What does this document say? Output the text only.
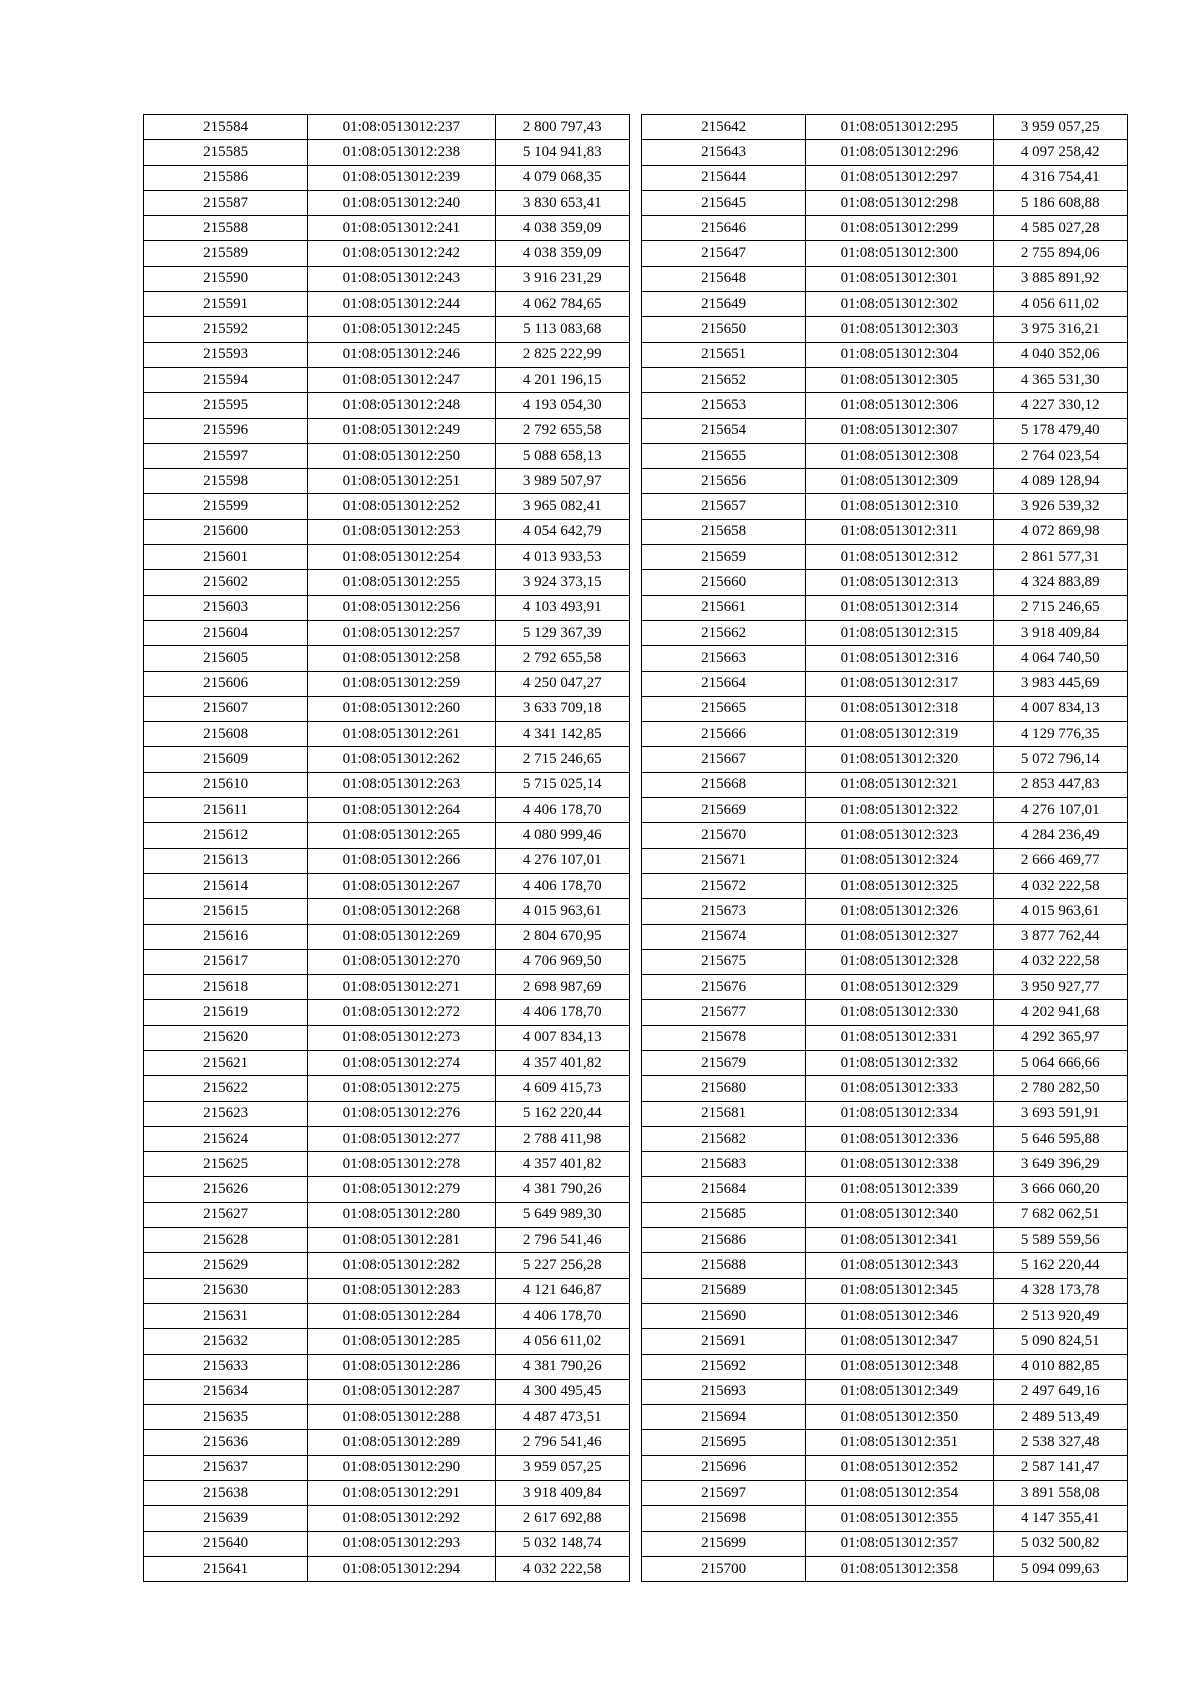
215584	01:08:0513012:237	2 800 797,43
215585	01:08:0513012:238	5 104 941,83
215586	01:08:0513012:239	4 079 068,35
215587	01:08:0513012:240	3 830 653,41
215588	01:08:0513012:241	4 038 359,09
215589	01:08:0513012:242	4 038 359,09
215590	01:08:0513012:243	3 916 231,29
215591	01:08:0513012:244	4 062 784,65
215592	01:08:0513012:245	5 113 083,68
215593	01:08:0513012:246	2 825 222,99
215594	01:08:0513012:247	4 201 196,15
215595	01:08:0513012:248	4 193 054,30
215596	01:08:0513012:249	2 792 655,58
215597	01:08:0513012:250	5 088 658,13
215598	01:08:0513012:251	3 989 507,97
215599	01:08:0513012:252	3 965 082,41
215600	01:08:0513012:253	4 054 642,79
215601	01:08:0513012:254	4 013 933,53
215602	01:08:0513012:255	3 924 373,15
215603	01:08:0513012:256	4 103 493,91
215604	01:08:0513012:257	5 129 367,39
215605	01:08:0513012:258	2 792 655,58
215606	01:08:0513012:259	4 250 047,27
215607	01:08:0513012:260	3 633 709,18
215608	01:08:0513012:261	4 341 142,85
215609	01:08:0513012:262	2 715 246,65
215610	01:08:0513012:263	5 715 025,14
215611	01:08:0513012:264	4 406 178,70
215612	01:08:0513012:265	4 080 999,46
215613	01:08:0513012:266	4 276 107,01
215614	01:08:0513012:267	4 406 178,70
215615	01:08:0513012:268	4 015 963,61
215616	01:08:0513012:269	2 804 670,95
215617	01:08:0513012:270	4 706 969,50
215618	01:08:0513012:271	2 698 987,69
215619	01:08:0513012:272	4 406 178,70
215620	01:08:0513012:273	4 007 834,13
215621	01:08:0513012:274	4 357 401,82
215622	01:08:0513012:275	4 609 415,73
215623	01:08:0513012:276	5 162 220,44
215624	01:08:0513012:277	2 788 411,98
215625	01:08:0513012:278	4 357 401,82
215626	01:08:0513012:279	4 381 790,26
215627	01:08:0513012:280	5 649 989,30
215628	01:08:0513012:281	2 796 541,46
215629	01:08:0513012:282	5 227 256,28
215630	01:08:0513012:283	4 121 646,87
215631	01:08:0513012:284	4 406 178,70
215632	01:08:0513012:285	4 056 611,02
215633	01:08:0513012:286	4 381 790,26
215634	01:08:0513012:287	4 300 495,45
215635	01:08:0513012:288	4 487 473,51
215636	01:08:0513012:289	2 796 541,46
215637	01:08:0513012:290	3 959 057,25
215638	01:08:0513012:291	3 918 409,84
215639	01:08:0513012:292	2 617 692,88
215640	01:08:0513012:293	5 032 148,74
215641	01:08:0513012:294	4 032 222,58
215642	01:08:0513012:295	3 959 057,25
215643	01:08:0513012:296	4 097 258,42
215644	01:08:0513012:297	4 316 754,41
215645	01:08:0513012:298	5 186 608,88
215646	01:08:0513012:299	4 585 027,28
215647	01:08:0513012:300	2 755 894,06
215648	01:08:0513012:301	3 885 891,92
215649	01:08:0513012:302	4 056 611,02
215650	01:08:0513012:303	3 975 316,21
215651	01:08:0513012:304	4 040 352,06
215652	01:08:0513012:305	4 365 531,30
215653	01:08:0513012:306	4 227 330,12
215654	01:08:0513012:307	5 178 479,40
215655	01:08:0513012:308	2 764 023,54
215656	01:08:0513012:309	4 089 128,94
215657	01:08:0513012:310	3 926 539,32
215658	01:08:0513012:311	4 072 869,98
215659	01:08:0513012:312	2 861 577,31
215660	01:08:0513012:313	4 324 883,89
215661	01:08:0513012:314	2 715 246,65
215662	01:08:0513012:315	3 918 409,84
215663	01:08:0513012:316	4 064 740,50
215664	01:08:0513012:317	3 983 445,69
215665	01:08:0513012:318	4 007 834,13
215666	01:08:0513012:319	4 129 776,35
215667	01:08:0513012:320	5 072 796,14
215668	01:08:0513012:321	2 853 447,83
215669	01:08:0513012:322	4 276 107,01
215670	01:08:0513012:323	4 284 236,49
215671	01:08:0513012:324	2 666 469,77
215672	01:08:0513012:325	4 032 222,58
215673	01:08:0513012:326	4 015 963,61
215674	01:08:0513012:327	3 877 762,44
215675	01:08:0513012:328	4 032 222,58
215676	01:08:0513012:329	3 950 927,77
215677	01:08:0513012:330	4 202 941,68
215678	01:08:0513012:331	4 292 365,97
215679	01:08:0513012:332	5 064 666,66
215680	01:08:0513012:333	2 780 282,50
215681	01:08:0513012:334	3 693 591,91
215682	01:08:0513012:336	5 646 595,88
215683	01:08:0513012:338	3 649 396,29
215684	01:08:0513012:339	3 666 060,20
215685	01:08:0513012:340	7 682 062,51
215686	01:08:0513012:341	5 589 559,56
215688	01:08:0513012:343	5 162 220,44
215689	01:08:0513012:345	4 328 173,78
215690	01:08:0513012:346	2 513 920,49
215691	01:08:0513012:347	5 090 824,51
215692	01:08:0513012:348	4 010 882,85
215693	01:08:0513012:349	2 497 649,16
215694	01:08:0513012:350	2 489 513,49
215695	01:08:0513012:351	2 538 327,48
215696	01:08:0513012:352	2 587 141,47
215697	01:08:0513012:354	3 891 558,08
215698	01:08:0513012:355	4 147 355,41
215699	01:08:0513012:357	5 032 500,82
215700	01:08:0513012:358	5 094 099,63
